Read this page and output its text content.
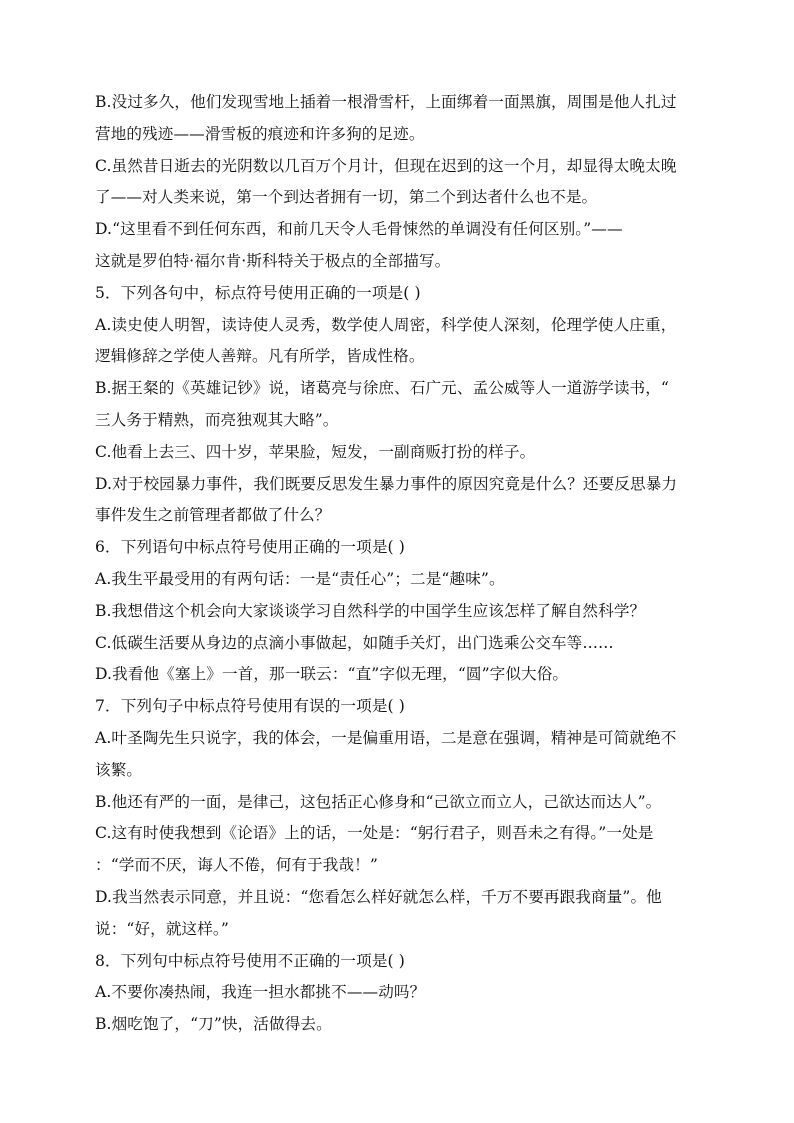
B.没过多久，他们发现雪地上插着一根滑雪杆，上面绑着一面黑旗，周围是他人扎过
营地的残迹——滑雪板的痕迹和许多狗的足迹。
C.虽然昔日逝去的光阴数以几百万个月计，但现在迟到的这一个月，却显得太晚太晚
了——对人类来说，第一个到达者拥有一切，第二个到达者什么也不是。
D.“这里看不到任何东西，和前几天令人毛骨悚然的单调没有任何区别。”——
这就是罗伯特·福尔肯·斯科特关于极点的全部描写。
5．下列各句中，标点符号使用正确的一项是( )
A.读史使人明智，读诗使人灵秀，数学使人周密，科学使人深刻，伦理学使人庄重，
逻辑修辞之学使人善辩。凡有所学，皆成性格。
B.据王粲的《英雄记钞》说，诸葛亮与徐庶、石广元、孟公威等人一道游学读书，“
三人务于精熟，而亮独观其大略”。
C.他看上去三、四十岁，苹果脸，短发，一副商贩打扮的样子。
D.对于校园暴力事件，我们既要反思发生暴力事件的原因究竟是什么？还要反思暴力
事件发生之前管理者都做了什么？
6．下列语句中标点符号使用正确的一项是( )
A.我生平最受用的有两句话：一是“责任心”；二是“趣味”。
B.我想借这个机会向大家谈谈学习自然科学的中国学生应该怎样了解自然科学？
C.低碳生活要从身边的点滴小事做起，如随手关灯，出门选乘公交车等……
D.我看他《塞上》一首，那一联云：“直”字似无理，“圆”字似大俗。
7．下列句子中标点符号使用有误的一项是( )
A.叶圣陶先生只说字，我的体会，一是偏重用语，二是意在强调，精神是可简就绝不
该繁。
B.他还有严的一面，是律己，这包括正心修身和“己欲立而立人，己欲达而达人”。
C.这有时使我想到《论语》上的话，一处是：“躬行君子，则吾未之有得。”一处是
：“学而不厌，诲人不倦，何有于我哉！”
D.我当然表示同意，并且说：“您看怎么样好就怎么样，千万不要再跟我商量”。他
说：“好，就这样。”
8．下列句中标点符号使用不正确的一项是( )
A.不要你凑热闹，我连一担水都挑不——动吗？
B.烟吃饱了，“刀”快，活做得去。
